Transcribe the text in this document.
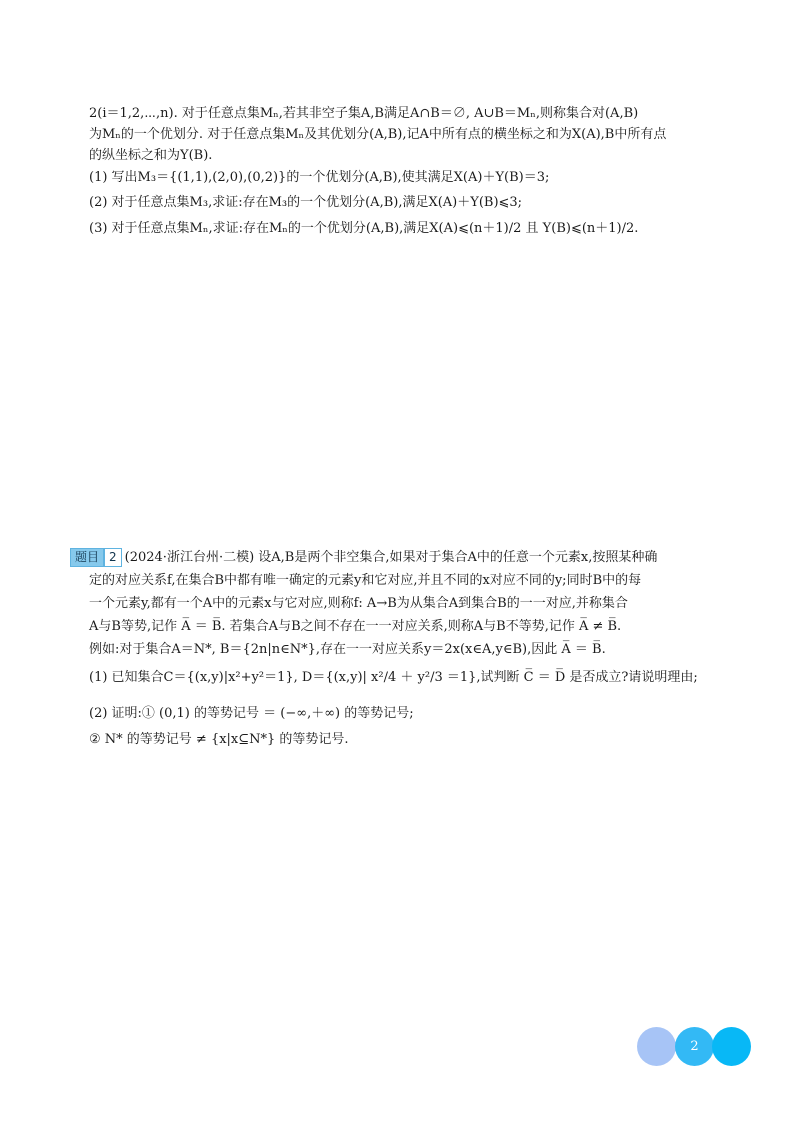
2(i＝1,2,⋯,n). 对于任意点集Mₙ,若其非空子集A,B满足A∩B＝∅, A∪B＝Mₙ,则称集合对(A,B)
为Mₙ的一个优划分. 对于任意点集Mₙ及其优划分(A,B),记A中所有点的横坐标之和为X(A),B中所有点
的纵坐标之和为Y(B).
(1) 写出M₃＝{(1,1),(2,0),(0,2)}的一个优划分(A,B),使其满足X(A)＋Y(B)＝3;
(2) 对于任意点集M₃,求证:存在M₃的一个优划分(A,B),满足X(A)＋Y(B)⩽3;
(3) 对于任意点集Mₙ,求证:存在Mₙ的一个优划分(A,B),满足X(A)⩽(n＋1)/2 且 Y(B)⩽(n＋1)/2.
题目 2 (2024·浙江台州·二模) 设A,B是两个非空集合,如果对于集合A中的任意一个元素x,按照某种确
定的对应关系f,在集合B中都有唯一确定的元素y和它对应,并且不同的x对应不同的y;同时B中的每
一个元素y,都有一个A中的元素x与它对应,则称f: A→B为从集合A到集合B的一一对应,并称集合
A与B等势,记作 A̅ ＝ B̅. 若集合A与B之间不存在一一对应关系,则称A与B不等势,记作 A̅ ≠ B̅.
例如:对于集合A＝N*, B＝{2n|n∈N*},存在一一对应关系y＝2x(x∈A,y∈B),因此 A̅ ＝ B̅.
(1) 已知集合C＝{(x,y)|x²+y²＝1}, D＝{(x,y)| x²/4 ＋ y²/3 ＝1},试判断 C̅ ＝ D̅ 是否成立?请说明理由;
(2) 证明:① (0,1) 的等势记号 ＝ (−∞,＋∞) 的等势记号;
② N* 的等势记号 ≠ {x|x⊆N*} 的等势记号.
2
